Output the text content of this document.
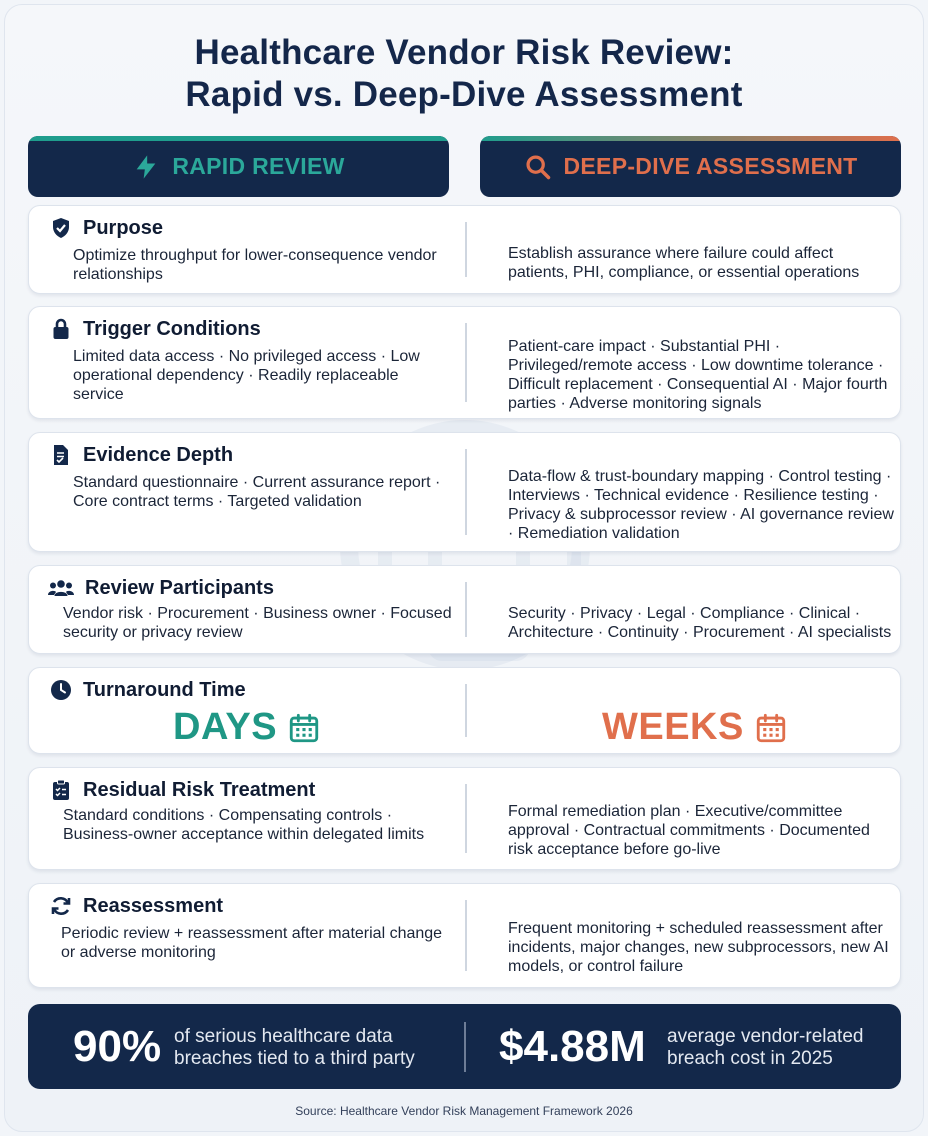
Healthcare Vendor Risk Review:
Rapid vs. Deep-Dive Assessment
RAPID REVIEW	DEEP-DIVE ASSESSMENT
Purpose
Optimize throughput for lower-consequence vendor relationships
Establish assurance where failure could affect patients, PHI, compliance, or essential operations
Trigger Conditions
Limited data access · No privileged access · Low operational dependency · Readily replaceable service
Patient-care impact · Substantial PHI · Privileged/remote access · Low downtime tolerance · Difficult replacement · Consequential AI · Major fourth parties · Adverse monitoring signals
Evidence Depth
Standard questionnaire · Current assurance report · Core contract terms · Targeted validation
Data-flow & trust-boundary mapping · Control testing · Interviews · Technical evidence · Resilience testing · Privacy & subprocessor review · AI governance review · Remediation validation
Review Participants
Vendor risk · Procurement · Business owner · Focused security or privacy review
Security · Privacy · Legal · Compliance · Clinical · Architecture · Continuity · Procurement · AI specialists
Turnaround Time
DAYS	WEEKS
Residual Risk Treatment
Standard conditions · Compensating controls · Business-owner acceptance within delegated limits
Formal remediation plan · Executive/committee approval · Contractual commitments · Documented risk acceptance before go-live
Reassessment
Periodic review + reassessment after material change or adverse monitoring
Frequent monitoring + scheduled reassessment after incidents, major changes, new subprocessors, new AI models, or control failure
90% of serious healthcare data
breaches tied to a third party $4.88M average vendor-related
breach cost in 2025
Source: Healthcare Vendor Risk Management Framework 2026
